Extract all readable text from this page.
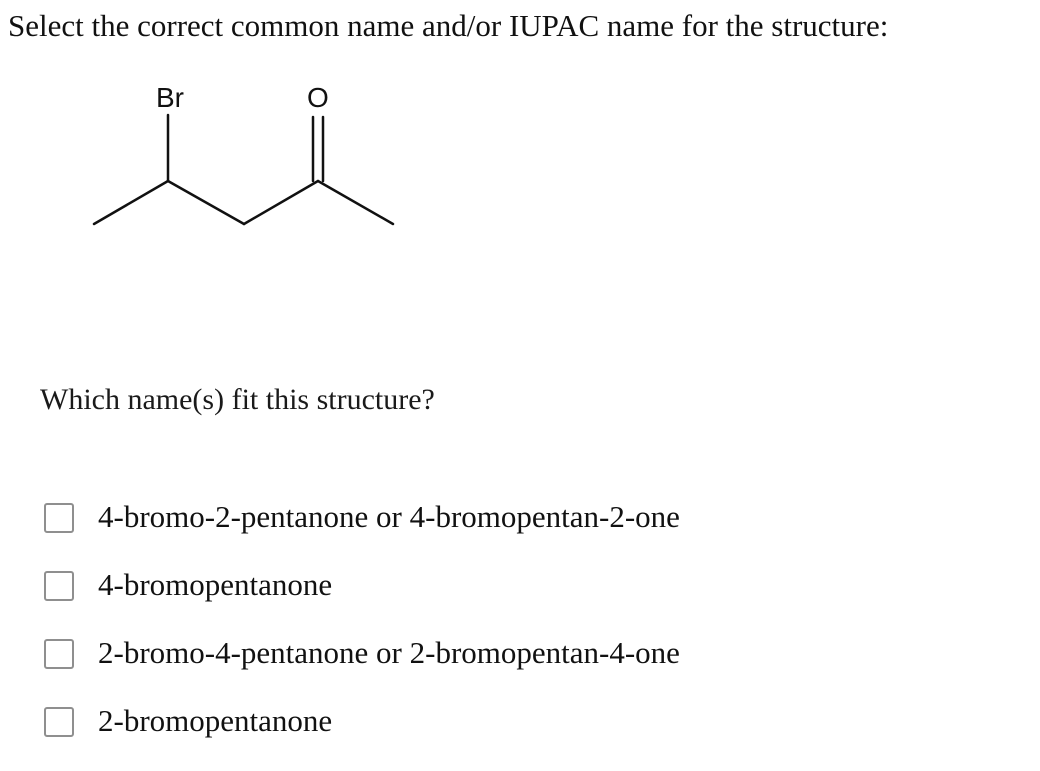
Select the correct common name and/or IUPAC name for the structure:
Br	O
Which name(s) fit this structure?
4-bromo-2-pentanone or 4-bromopentan-2-one
4-bromopentanone
2-bromo-4-pentanone or 2-bromopentan-4-one
2-bromopentanone
